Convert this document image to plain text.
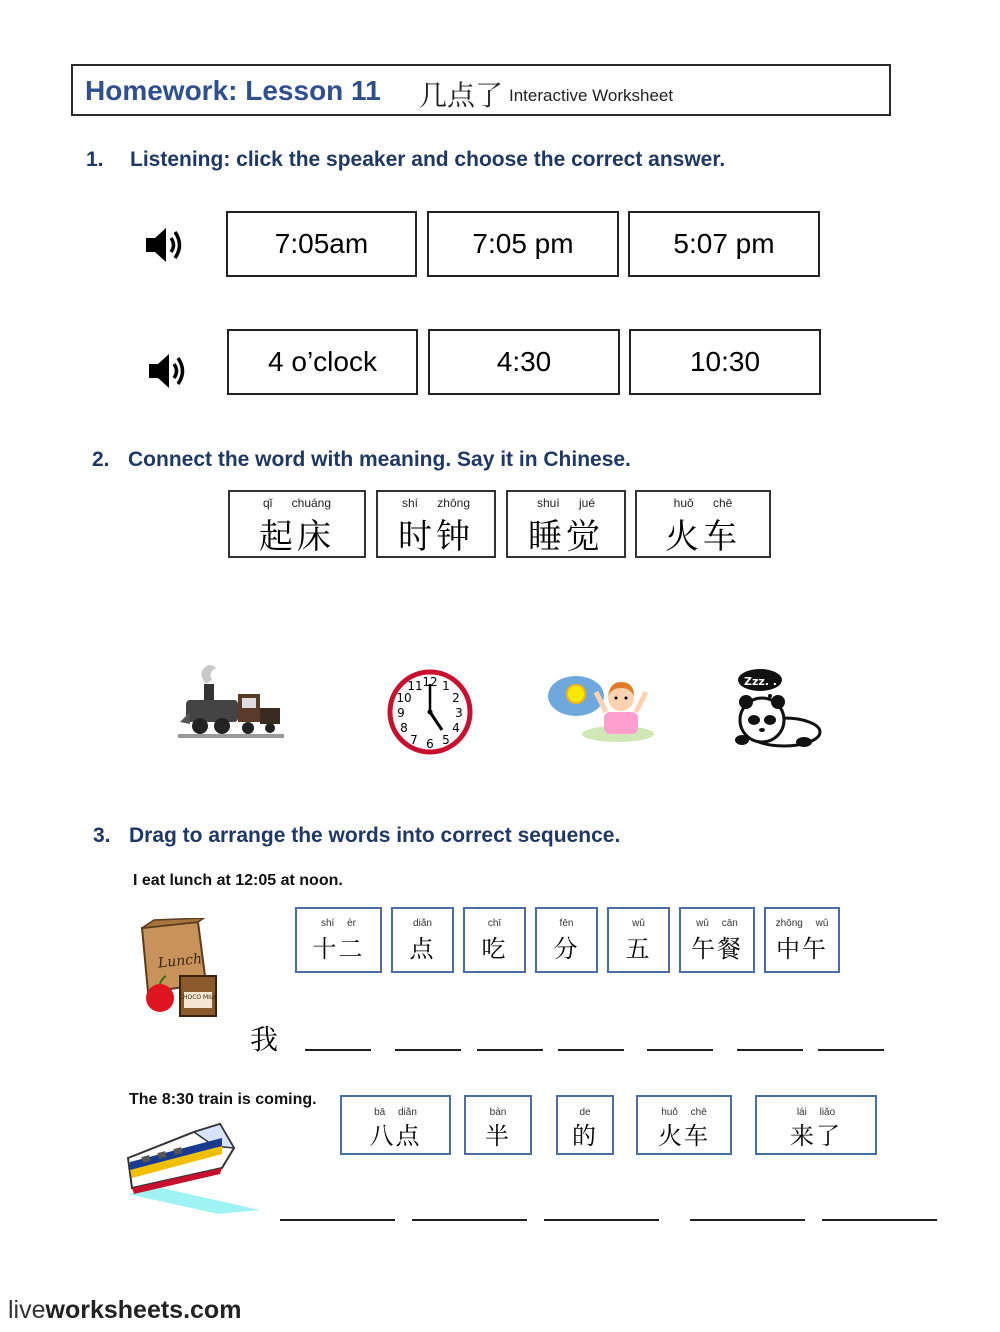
Homework: Lesson 11 几点了 Interactive Worksheet
1. Listening: click the speaker and choose the correct answer.
7:05am	7:05 pm	5:07 pm
4 o’clock	4:30	10:30
2. Connect the word with meaning. Say it in Chinese.
qǐ chuáng
起床
shí zhōng
时钟
shuì jué
睡觉
huǒ chē
火车
12 1
2
3
4
5
6
7
8
9
10
11	Zzz. .
3. Drag to arrange the words into correct sequence.
I eat lunch at 12:05 at noon.
Lunch
CHOCO MILK
shí èr
十二
diǎn
点
chī
吃
fēn
分
wǔ
五
wǔ cān
午餐
zhōng wǔ
中午
我
The 8:30 train is coming.
bā diǎn
八点
bàn
半
de
的
huǒ chē
火车
lái liǎo
来了
liveworksheets.com
